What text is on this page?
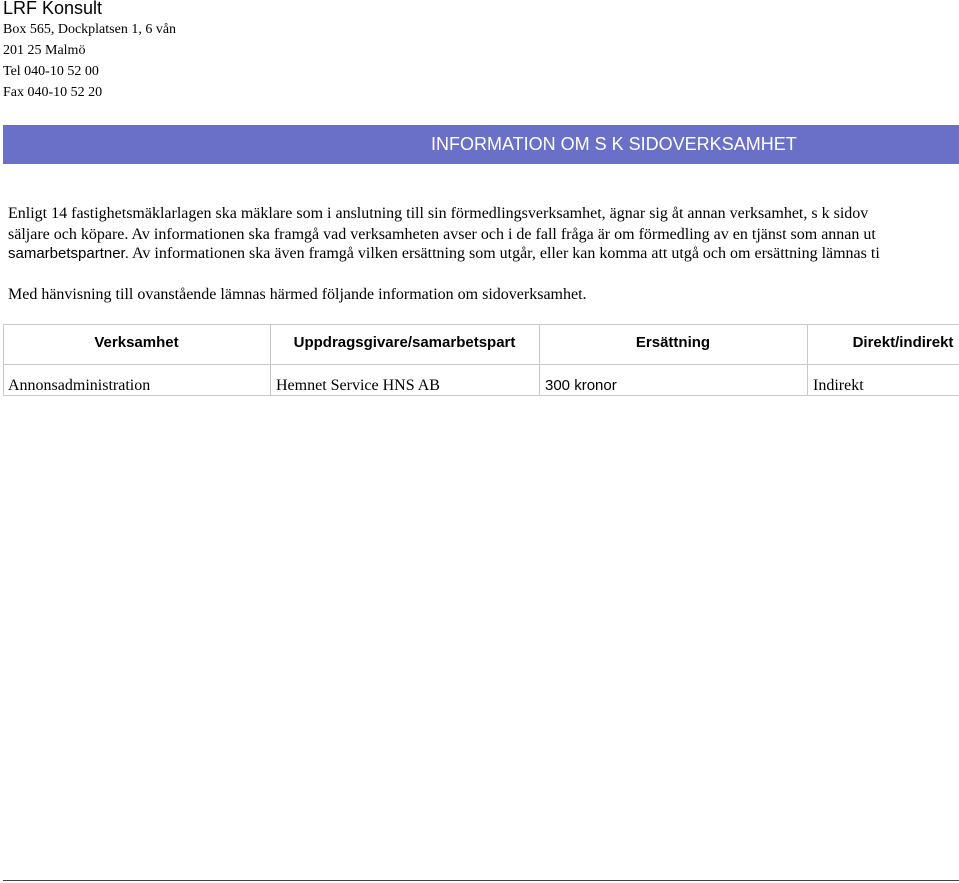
LRF Konsult
Box 565, Dockplatsen 1, 6 vån
201 25 Malmö
Tel 040-10 52 00
Fax 040-10 52 20
INFORMATION OM S K SIDOVERKSAMHET
Enligt 14 fastighetsmäklarlagen ska mäklare som i anslutning till sin förmedlingsverksamhet, ägnar sig åt annan verksamhet, s k sidov
säljare och köpare. Av informationen ska framgå vad verksamheten avser och i de fall fråga är om förmedling av en tjänst som annan ut
samarbetspartner. Av informationen ska även framgå vilken ersättning som utgår, eller kan komma att utgå och om ersättning lämnas ti
Med hänvisning till ovanstående lämnas härmed följande information om sidoverksamhet.
Verksamhet	Uppdragsgivare/samarbetspart	Ersättning	Direkt/indirekt
Annonsadministration	Hemnet Service HNS AB	300 kronor	Indirekt
